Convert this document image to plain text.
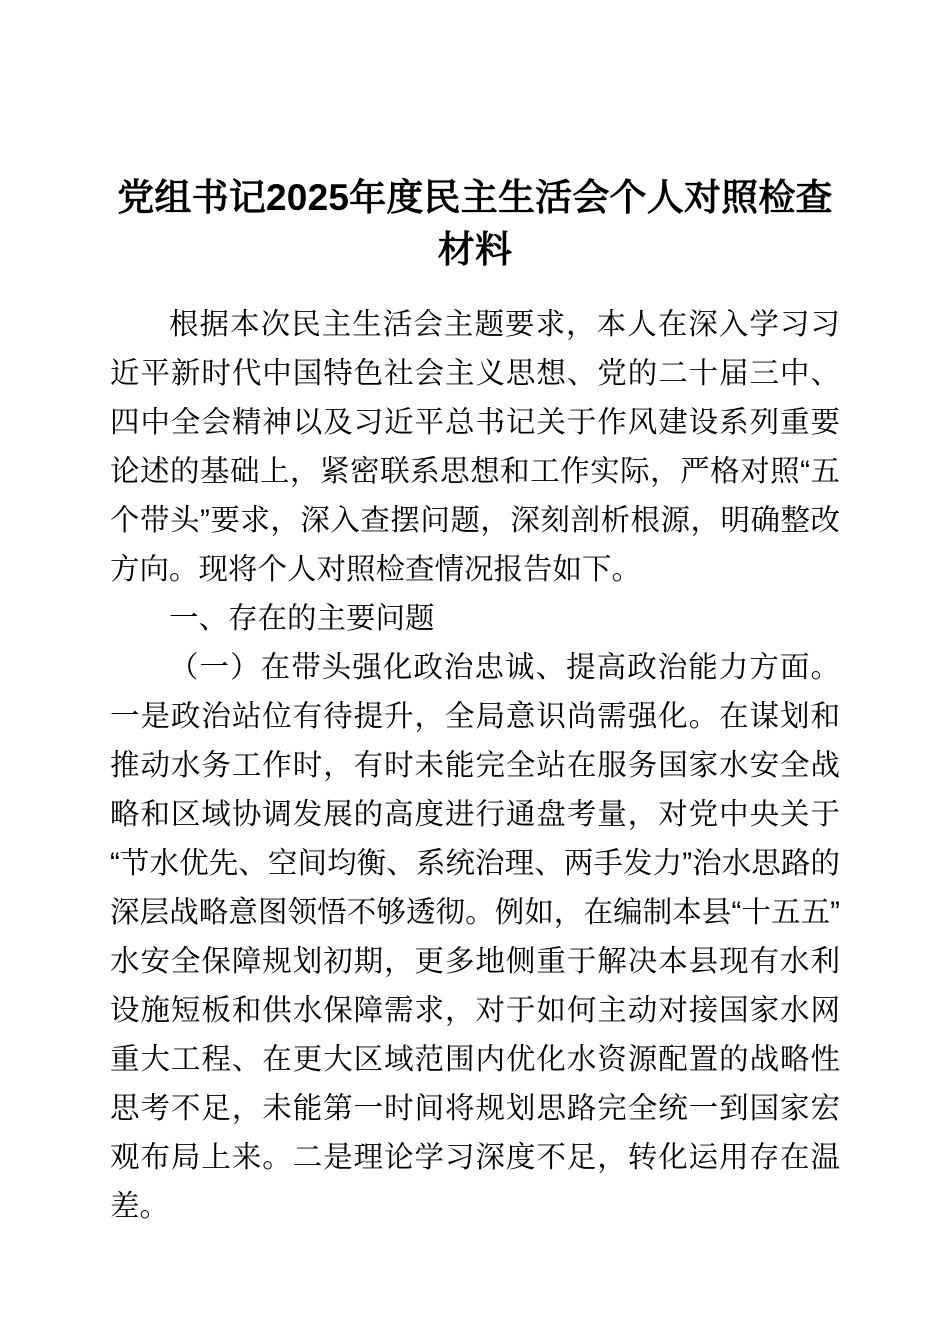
党组书记2025年度民主生活会个人对照检查材料

根据本次民主生活会主题要求，本人在深入学习习近平新时代中国特色社会主义思想、党的二十届三中、四中全会精神以及习近平总书记关于作风建设系列重要论述的基础上，紧密联系思想和工作实际，严格对照“五个带头”要求，深入查摆问题，深刻剖析根源，明确整改方向。现将个人对照检查情况报告如下。

一、存在的主要问题

（一）在带头强化政治忠诚、提高政治能力方面。一是政治站位有待提升，全局意识尚需强化。在谋划和推动水务工作时，有时未能完全站在服务国家水安全战略和区域协调发展的高度进行通盘考量，对党中央关于“节水优先、空间均衡、系统治理、两手发力”治水思路的深层战略意图领悟不够透彻。例如，在编制本县“十五五”水安全保障规划初期，更多地侧重于解决本县现有水利设施短板和供水保障需求，对于如何主动对接国家水网重大工程、在更大区域范围内优化水资源配置的战略性思考不足，未能第一时间将规划思路完全统一到国家宏观布局上来。二是理论学习深度不足，转化运用存在温差。
